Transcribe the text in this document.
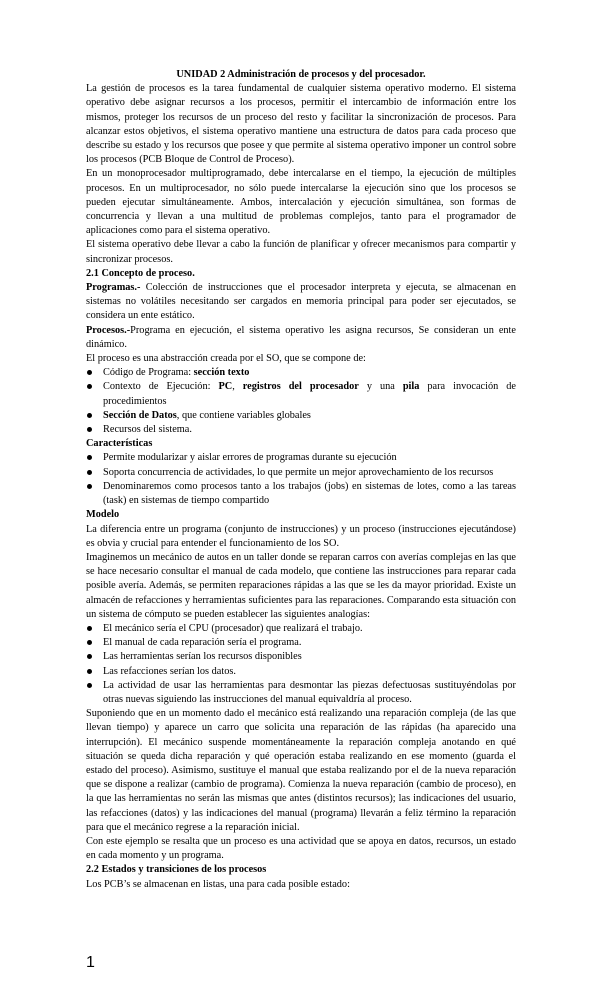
UNIDAD 2 Administración de procesos y del procesador.

La gestión de procesos es la tarea fundamental de cualquier sistema operativo moderno. El sistema operativo debe asignar recursos a los procesos, permitir el intercambio de información entre los mismos, proteger los recursos de un proceso del resto y facilitar la sincronización de procesos. Para alcanzar estos objetivos, el sistema operativo mantiene una estructura de datos para cada proceso que describe su estado y los recursos que posee y que permite al sistema operativo imponer un control sobre los procesos (PCB Bloque de Control de Proceso).

En un monoprocesador multiprogramado, debe intercalarse en el tiempo, la ejecución de múltiples procesos. En un multiprocesador, no sólo puede intercalarse la ejecución sino que los procesos se pueden ejecutar simultáneamente. Ambos, intercalación y ejecución simultánea, son formas de concurrencia y llevan a una multitud de problemas complejos, tanto para el programador de aplicaciones como para el sistema operativo.

El sistema operativo debe llevar a cabo la función de planificar y ofrecer mecanismos para compartir y sincronizar procesos.

2.1 Concepto de proceso.

Programas.- Colección de instrucciones que el procesador interpreta y ejecuta, se almacenan en sistemas no volátiles necesitando ser cargados en memoria principal para poder ser ejecutados, se considera un ente estático.

Procesos.-Programa en ejecución, el sistema operativo les asigna recursos, Se consideran un ente dinámico.

El proceso es una abstracción creada por el SO, que se compone de:

Código de Programa: sección texto
Contexto de Ejecución: PC, registros del procesador y una pila para invocación de procedimientos
Sección de Datos, que contiene variables globales
Recursos del sistema.
Características
Permite modularizar y aislar errores de programas durante su ejecución
Soporta concurrencia de actividades, lo que permite un mejor aprovechamiento de los recursos
Denominaremos como procesos tanto a los trabajos (jobs) en sistemas de lotes, como a las tareas (task) en sistemas de tiempo compartido
Modelo

La diferencia entre un programa (conjunto de instrucciones) y un proceso (instrucciones ejecutándose) es obvia y crucial para entender el funcionamiento de los SO.

Imaginemos un mecánico de autos en un taller donde se reparan carros con averías complejas en las que se hace necesario consultar el manual de cada modelo, que contiene las instrucciones para reparar cada posible avería. Además, se permiten reparaciones rápidas a las que se les da mayor prioridad. Existe un almacén de refacciones y herramientas suficientes para las reparaciones. Comparando esta situación con un sistema de cómputo se pueden establecer las siguientes analogías:

El mecánico sería el CPU (procesador) que realizará el trabajo.
El manual de cada reparación sería el programa.
Las herramientas serían los recursos disponibles
Las refacciones serían los datos.
La actividad de usar las herramientas para desmontar las piezas defectuosas sustituyéndolas por otras nuevas siguiendo las instrucciones del manual equivaldría al proceso.

Suponiendo que en un momento dado el mecánico está realizando una reparación compleja (de las que llevan tiempo) y aparece un carro que solicita una reparación de las rápidas (ha aparecido una interrupción). El mecánico suspende momentáneamente la reparación compleja anotando en qué situación se queda dicha reparación y qué operación estaba realizando en ese momento (guarda el estado del proceso). Asimismo, sustituye el manual que estaba realizando por el de la nueva reparación que se dispone a realizar (cambio de programa). Comienza la nueva reparación (cambio de proceso), en la que las herramientas no serán las mismas que antes (distintos recursos); las indicaciones del usuario, las refacciones (datos) y las indicaciones del manual (programa) llevarán a feliz término la reparación para que el mecánico regrese a la reparación inicial.

Con este ejemplo se resalta que un proceso es una actividad que se apoya en datos, recursos, un estado en cada momento y un programa.

2.2 Estados y transiciones de los procesos

Los PCB’s se almacenan en listas, una para cada posible estado:

1
